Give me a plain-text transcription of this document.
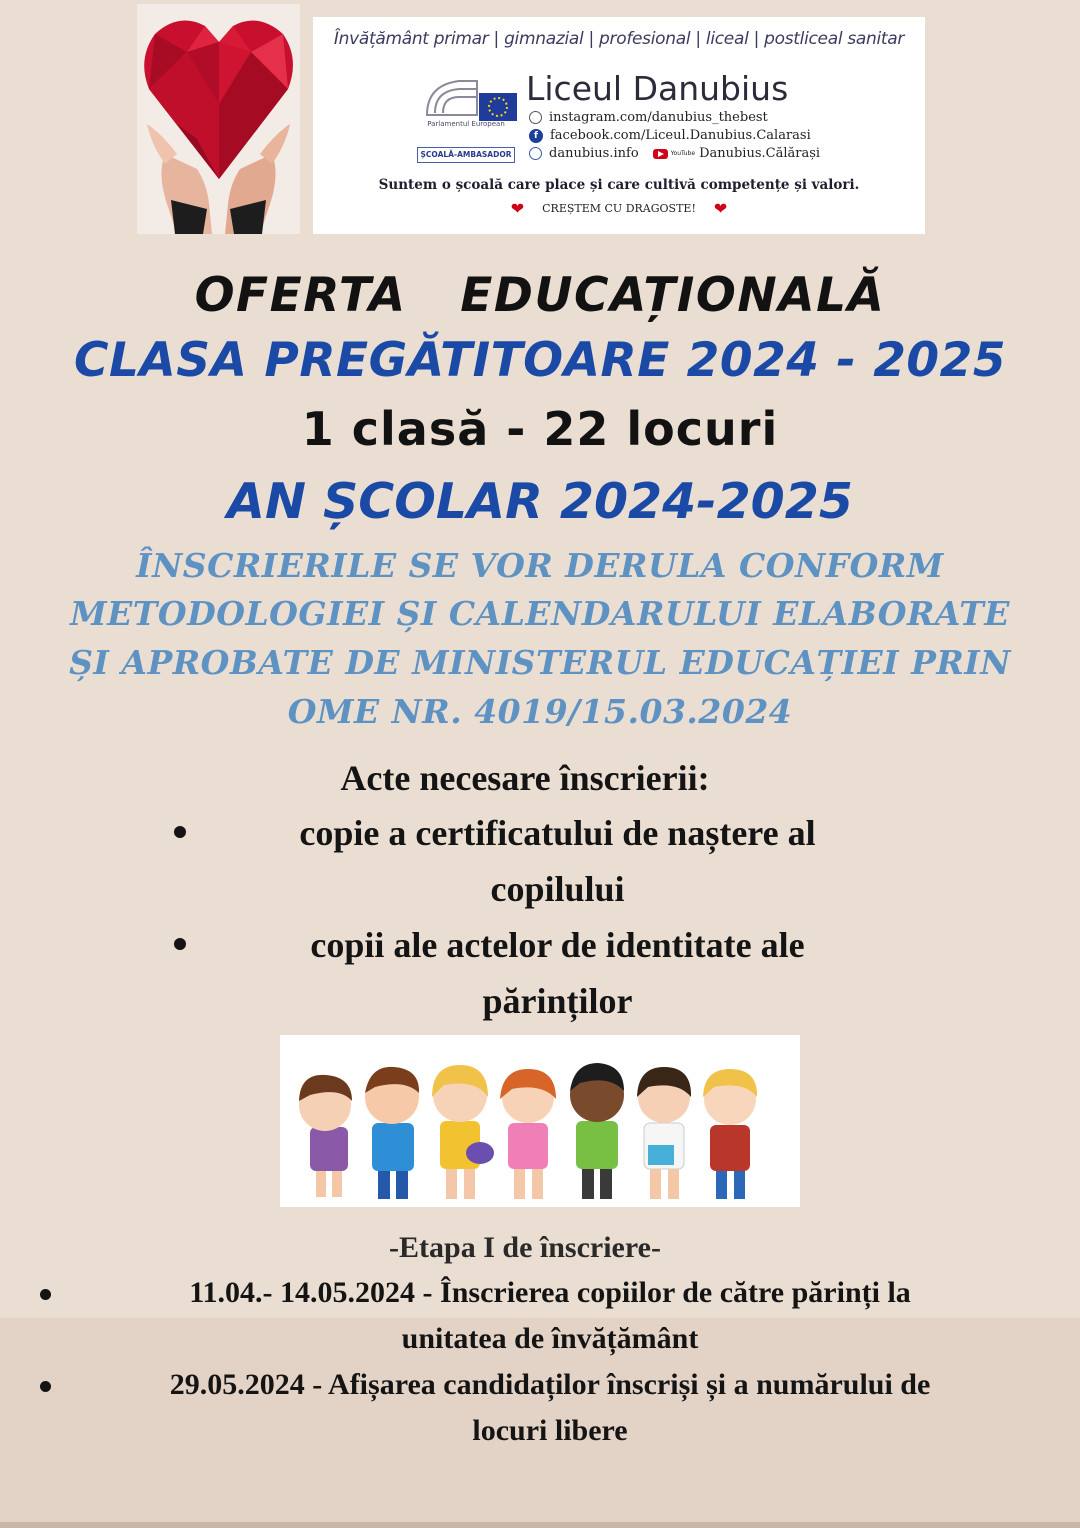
Învățământ primar | gimnazial | profesional | liceal | postliceal sanitar
Parlamentul European
ȘCOALĂ-AMBASADOR
Liceul Danubius
instagram.com/danubius_thebest
f facebook.com/Liceul.Danubius.Calarasi
danubius.info	YouTube Danubius.Călărași
Suntem o școală care place și care cultivă competențe și valori.
❤ CREȘTEM CU DRAGOSTE! ❤
OFERTA   EDUCAȚIONALĂ
CLASA PREGĂTITOARE 2024 - 2025
1 clasă - 22 locuri
AN ȘCOLAR 2024-2025
ÎNSCRIERILE SE VOR DERULA CONFORM
METODOLOGIEI ȘI CALENDARULUI ELABORATE
ȘI APROBATE DE MINISTERUL EDUCAȚIEI PRIN
OME NR. 4019/15.03.2024
Acte necesare înscrierii:
copie a certificatului de naștere al
copilului
copii ale actelor de identitate ale
părinților
-Etapa I de înscriere-
11.04.- 14.05.2024 - Înscrierea copiilor de către părinți la
unitatea de învățământ
29.05.2024 - Afișarea candidaților înscriși și a numărului de
locuri libere
